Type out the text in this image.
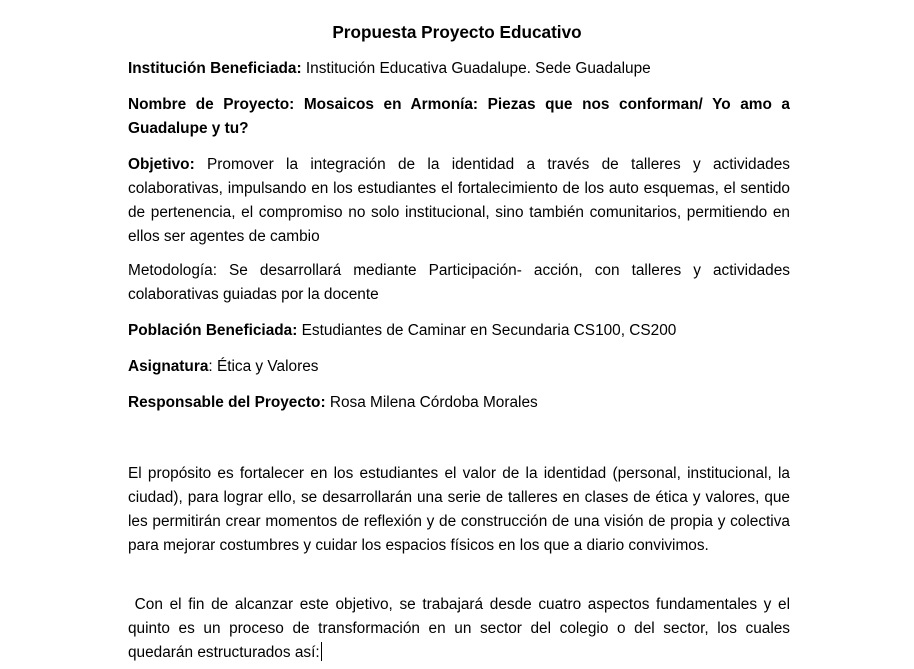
Propuesta Proyecto Educativo

Institución Beneficiada: Institución Educativa Guadalupe. Sede Guadalupe

Nombre de Proyecto: Mosaicos en Armonía: Piezas que nos conforman/ Yo amo a Guadalupe y tu?

Objetivo: Promover la integración de la identidad a través de talleres y actividades colaborativas, impulsando en los estudiantes el fortalecimiento de los auto esquemas, el sentido de pertenencia, el compromiso no solo institucional, sino también comunitarios, permitiendo en ellos ser agentes de cambio

Metodología: Se desarrollará mediante Participación- acción, con talleres y actividades colaborativas guiadas por la docente

Población Beneficiada: Estudiantes de Caminar en Secundaria CS100, CS200

Asignatura: Ética y Valores

Responsable del Proyecto: Rosa Milena Córdoba Morales

El propósito es fortalecer en los estudiantes el valor de la identidad (personal, institucional, la ciudad), para lograr ello, se desarrollarán una serie de talleres en clases de ética y valores, que les permitirán crear momentos de reflexión y de construcción de una visión de propia y colectiva para mejorar costumbres y cuidar los espacios físicos en los que a diario convivimos.

Con el fin de alcanzar este objetivo, se trabajará desde cuatro aspectos fundamentales y el quinto es un proceso de transformación en un sector del colegio o del sector, los cuales quedarán estructurados así:
